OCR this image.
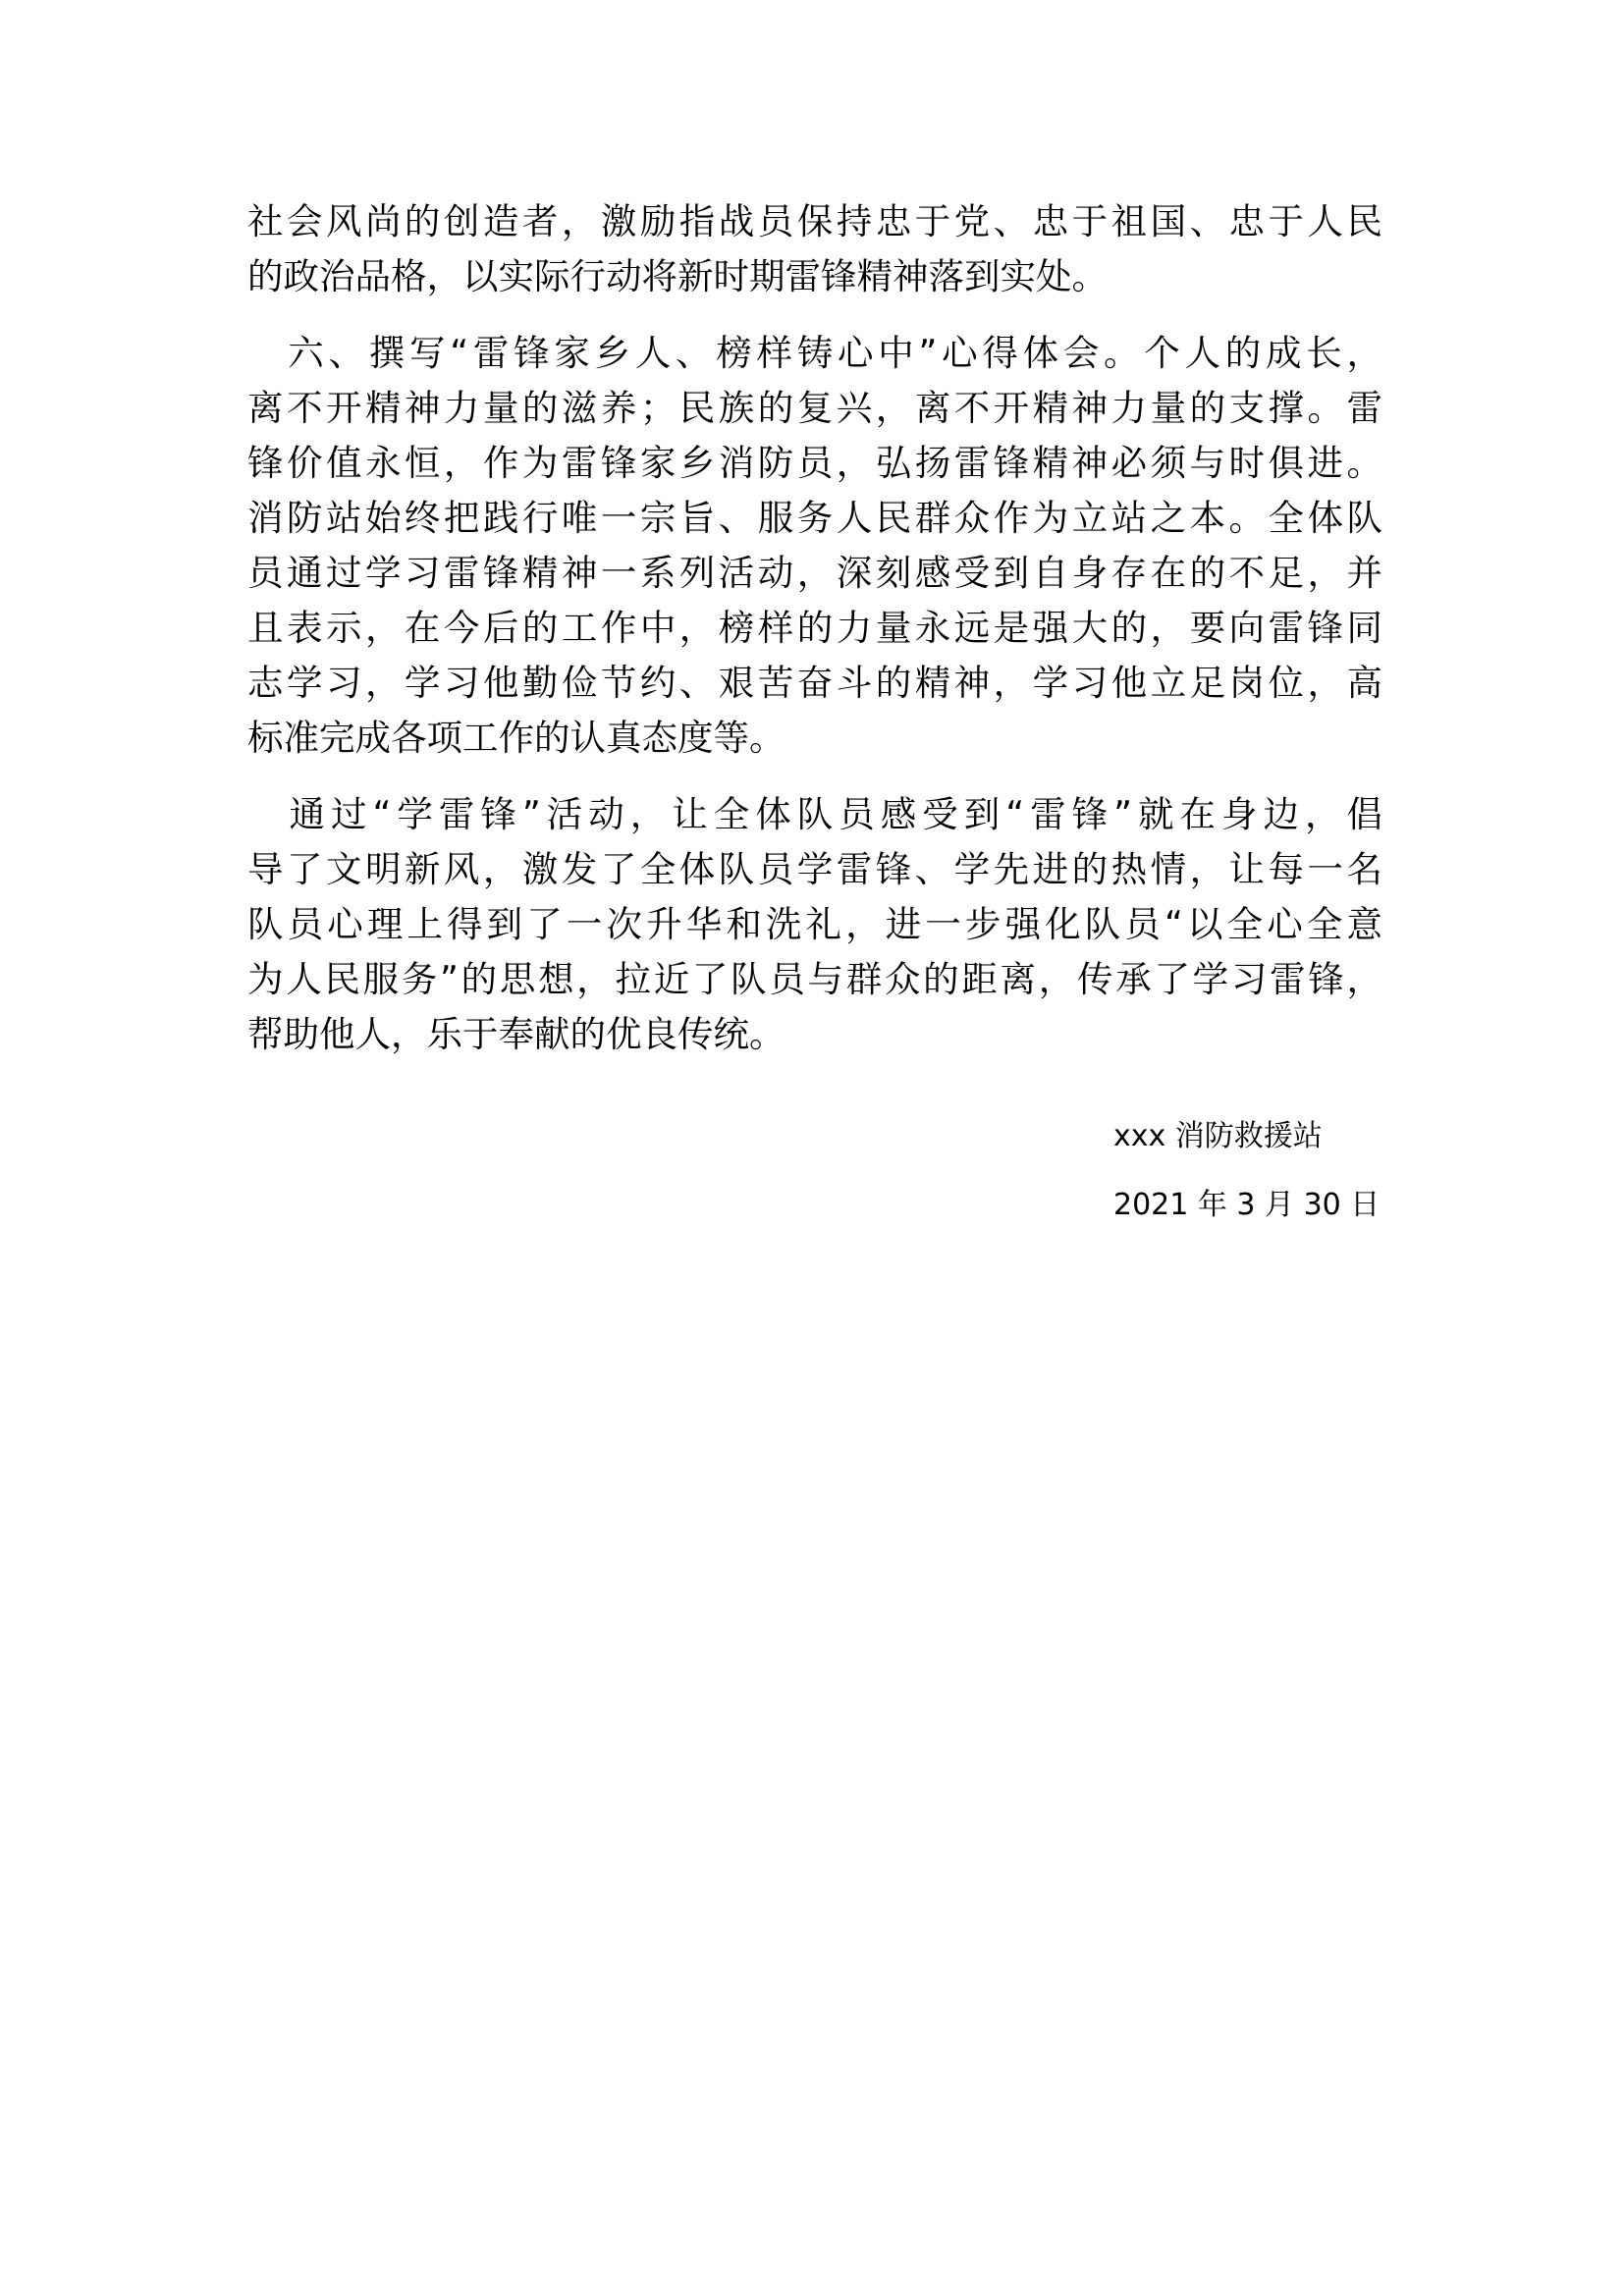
社会风尚的创造者，激励指战员保持忠于党、忠于祖国、忠于人民
的政治品格，以实际行动将新时期雷锋精神落到实处。
　六、撰写“雷锋家乡人、榜样铸心中”心得体会。个人的成长，
离不开精神力量的滋养；民族的复兴，离不开精神力量的支撑。雷
锋价值永恒，作为雷锋家乡消防员，弘扬雷锋精神必须与时俱进。
消防站始终把践行唯一宗旨、服务人民群众作为立站之本。全体队
员通过学习雷锋精神一系列活动，深刻感受到自身存在的不足，并
且表示，在今后的工作中，榜样的力量永远是强大的，要向雷锋同
志学习，学习他勤俭节约、艰苦奋斗的精神，学习他立足岗位，高
标准完成各项工作的认真态度等。
　通过“学雷锋”活动，让全体队员感受到“雷锋”就在身边，倡
导了文明新风，激发了全体队员学雷锋、学先进的热情，让每一名
队员心理上得到了一次升华和洗礼，进一步强化队员“以全心全意
为人民服务”的思想，拉近了队员与群众的距离，传承了学习雷锋，
帮助他人，乐于奉献的优良传统。
xxx 消防救援站
2021 年 3 月 30 日
